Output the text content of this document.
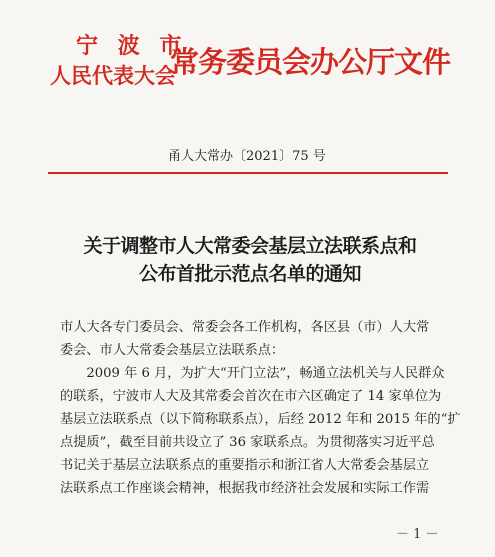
宁 波 市
人民代表大会
常务委员会办公厅文件
甬人大常办〔2021〕75 号
关于调整市人大常委会基层立法联系点和
公布首批示范点名单的通知
市人大各专门委员会、常委会各工作机构，各区县（市）人大常
委会、市人大常委会基层立法联系点：
　　2009 年 6 月，为扩大“开门立法”，畅通立法机关与人民群众
的联系，宁波市人大及其常委会首次在市六区确定了 14 家单位为
基层立法联系点（以下简称联系点），后经 2012 年和 2015 年的“扩
点提质”，截至目前共设立了 36 家联系点。为贯彻落实习近平总
书记关于基层立法联系点的重要指示和浙江省人大常委会基层立
法联系点工作座谈会精神，根据我市经济社会发展和实际工作需
－ 1 －
